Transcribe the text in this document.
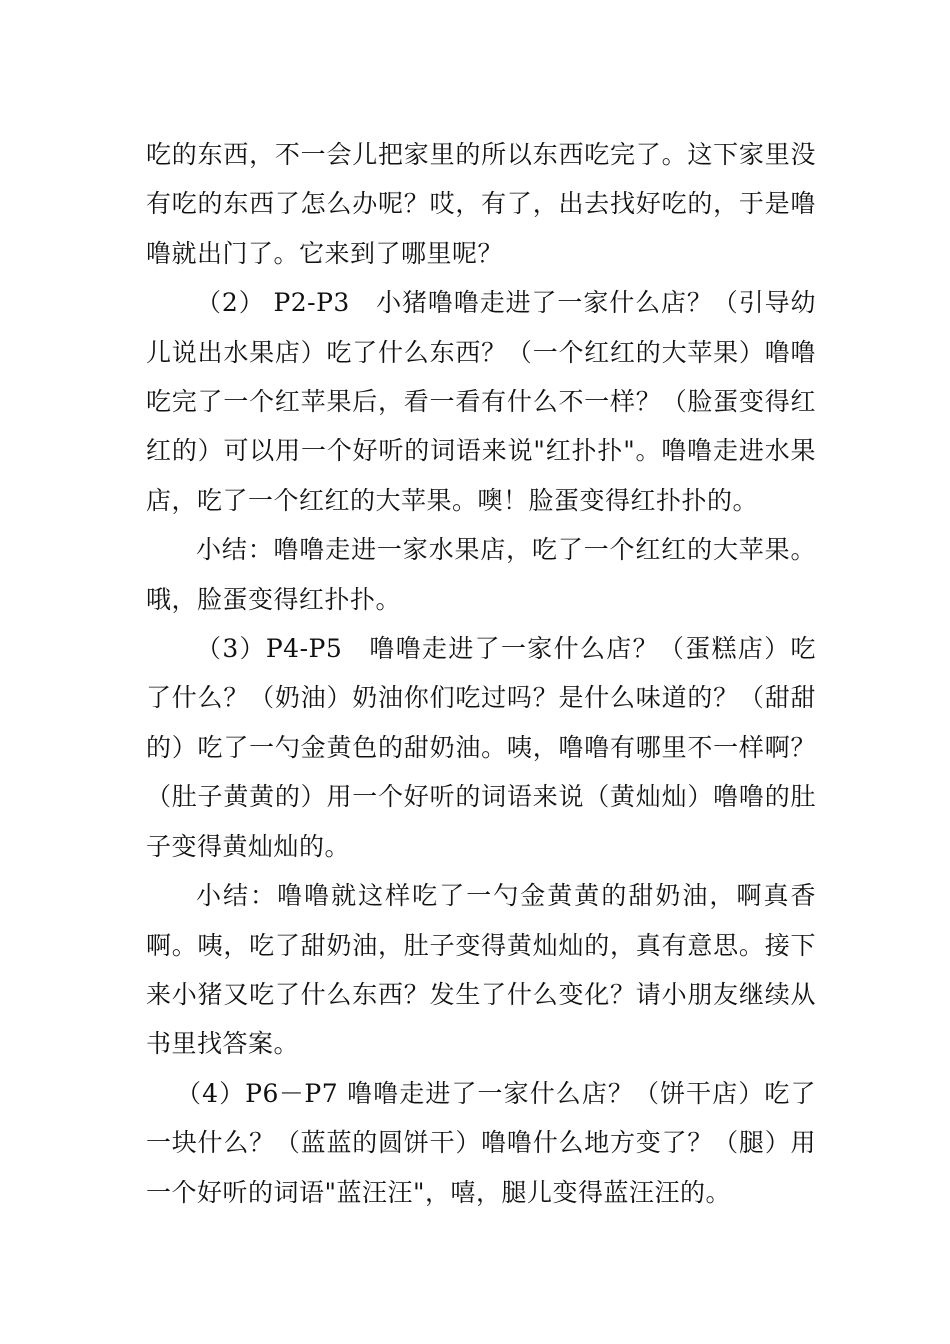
吃的东西，不一会儿把家里的所以东西吃完了。这下家里没有吃的东西了怎么办呢？哎，有了，出去找好吃的，于是噜噜就出门了。它来到了哪里呢？

（2） P2-P3　小猪噜噜走进了一家什么店？（引导幼儿说出水果店）吃了什么东西？（一个红红的大苹果）噜噜吃完了一个红苹果后，看一看有什么不一样？（脸蛋变得红红的）可以用一个好听的词语来说"红扑扑"。噜噜走进水果店，吃了一个红红的大苹果。噢！脸蛋变得红扑扑的。

小结：噜噜走进一家水果店，吃了一个红红的大苹果。哦，脸蛋变得红扑扑。

（3）P4-P5　噜噜走进了一家什么店？（蛋糕店）吃了什么？（奶油）奶油你们吃过吗？是什么味道的？（甜甜的）吃了一勺金黄色的甜奶油。咦，噜噜有哪里不一样啊？（肚子黄黄的）用一个好听的词语来说（黄灿灿）噜噜的肚子变得黄灿灿的。

小结：噜噜就这样吃了一勺金黄黄的甜奶油，啊真香啊。咦，吃了甜奶油，肚子变得黄灿灿的，真有意思。接下来小猪又吃了什么东西？发生了什么变化？请小朋友继续从书里找答案。

（4）P6－P7 噜噜走进了一家什么店？（饼干店）吃了一块什么？（蓝蓝的圆饼干）噜噜什么地方变了？（腿）用一个好听的词语"蓝汪汪"，嘻，腿儿变得蓝汪汪的。
